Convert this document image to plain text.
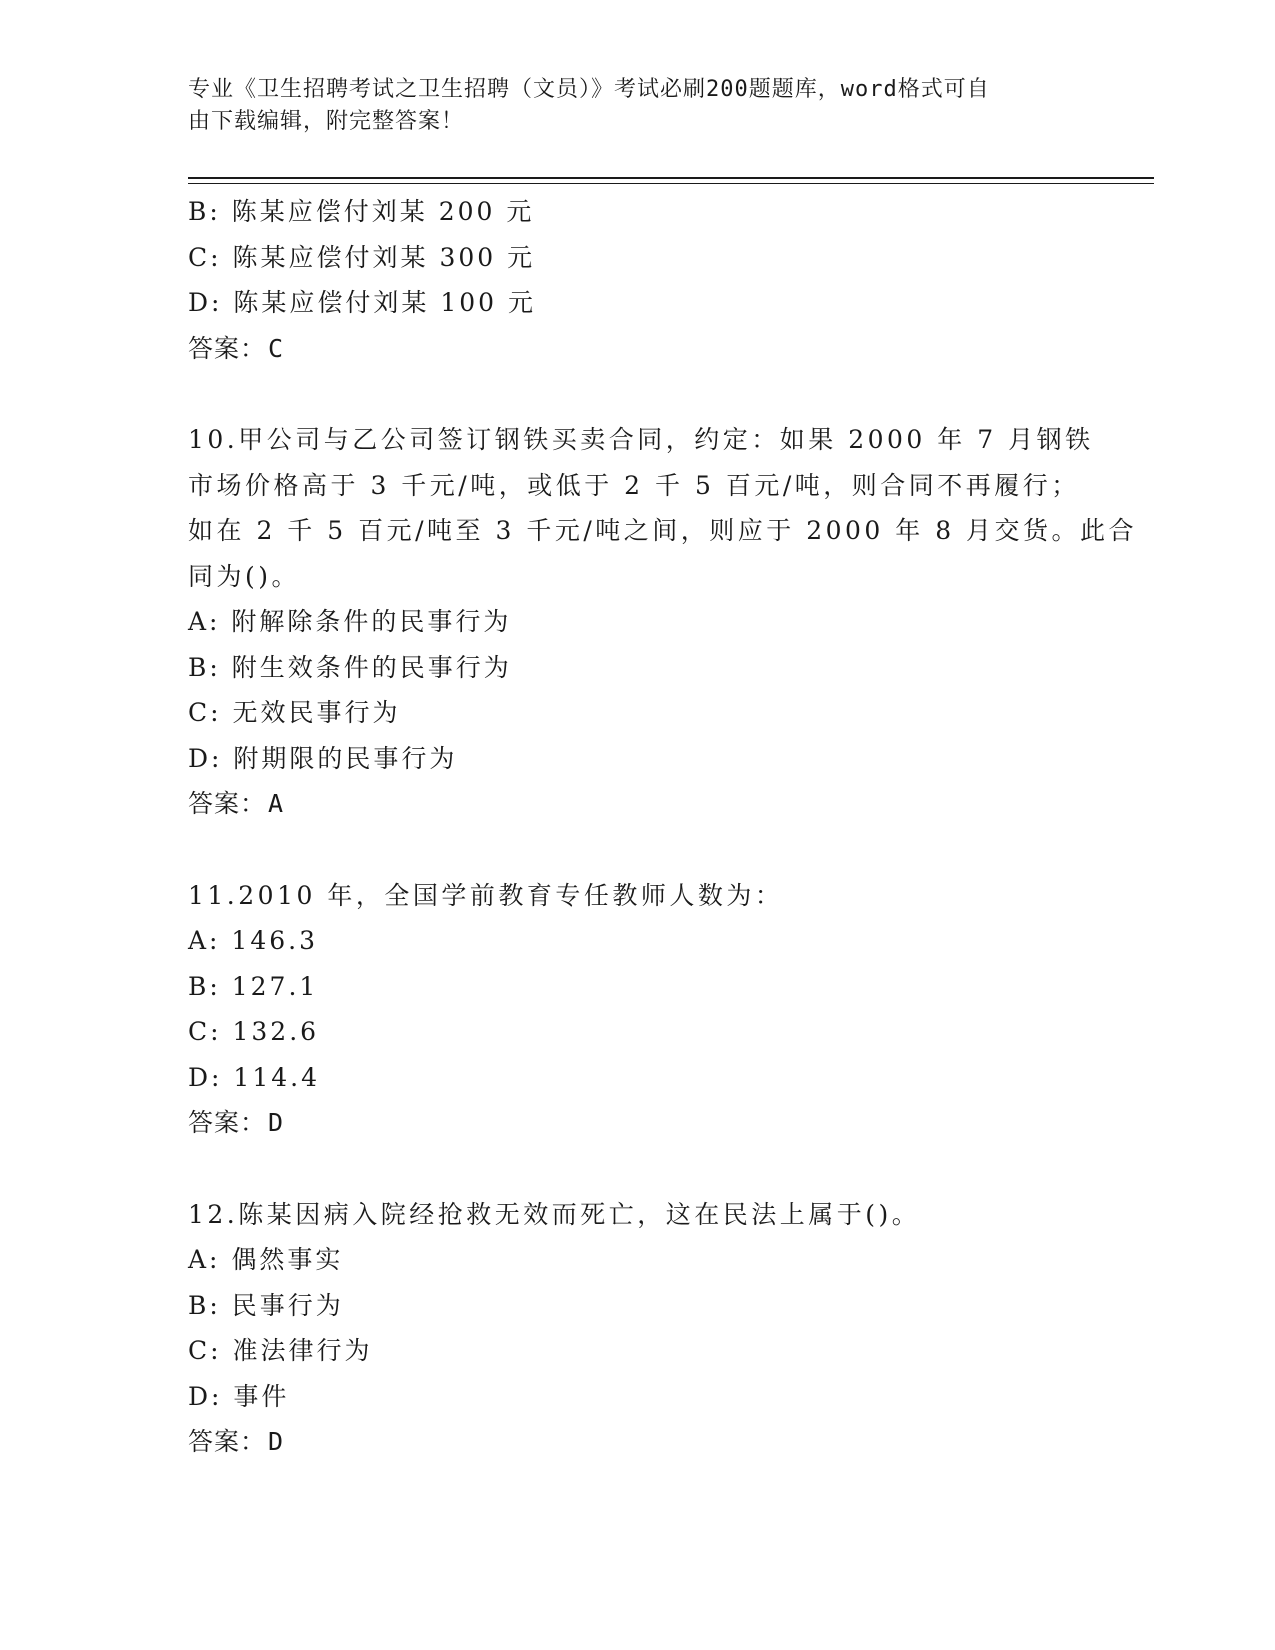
专业《卫生招聘考试之卫生招聘（文员）》考试必刷200题题库，word格式可自
由下载编辑，附完整答案！
B: 陈某应偿付刘某 200 元
C: 陈某应偿付刘某 300 元
D: 陈某应偿付刘某 100 元
答案：C
10.甲公司与乙公司签订钢铁买卖合同，约定：如果 2000 年 7 月钢铁
市场价格高于 3 千元/吨，或低于 2 千 5 百元/吨，则合同不再履行；
如在 2 千 5 百元/吨至 3 千元/吨之间，则应于 2000 年 8 月交货。此合
同为()。
A: 附解除条件的民事行为
B: 附生效条件的民事行为
C: 无效民事行为
D: 附期限的民事行为
答案：A
11.2010 年，全国学前教育专任教师人数为：
A: 146.3
B: 127.1
C: 132.6
D: 114.4
答案：D
12.陈某因病入院经抢救无效而死亡，这在民法上属于()。
A: 偶然事实
B: 民事行为
C: 准法律行为
D: 事件
答案：D
